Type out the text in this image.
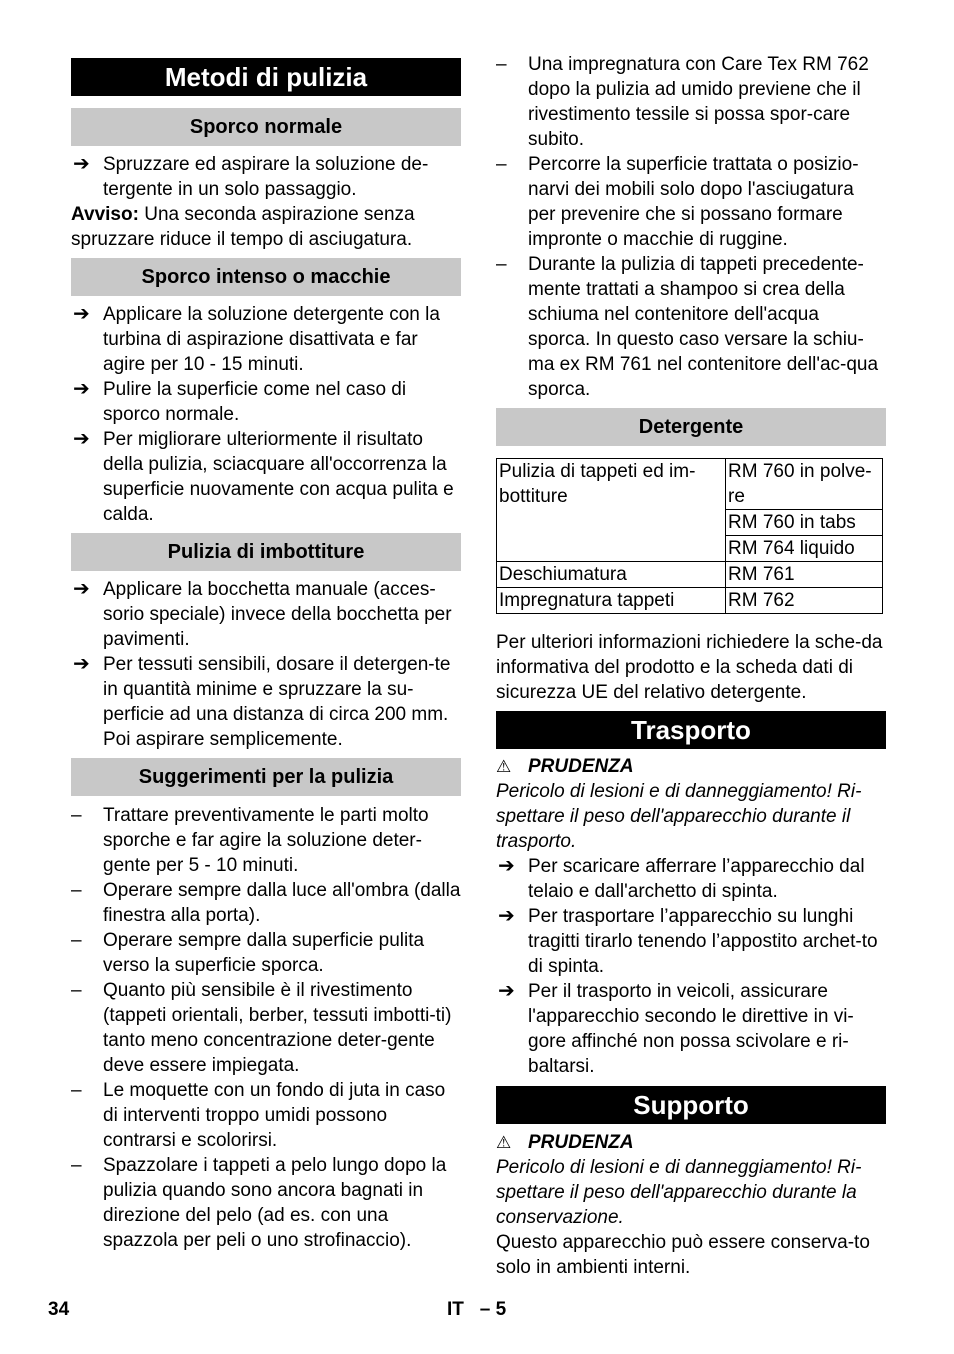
Metodi di pulizia
Sporco normale
➔ Spruzzare ed aspirare la soluzione de-
tergente in un solo passaggio.
Avviso: Una seconda aspirazione senza spruzzare riduce il tempo di asciugatura.
Sporco intenso o macchie
➔ Applicare la soluzione detergente con la turbina di aspirazione disattivata e far agire per 10 - 15 minuti.
➔ Pulire la superficie come nel caso di sporco normale.
➔ Per migliorare ulteriormente il risultato della pulizia, sciacquare all'occorrenza la superficie nuovamente con acqua pulita e calda.
Pulizia di imbottiture
➔ Applicare la bocchetta manuale (acces-sorio speciale) invece della bocchetta per pavimenti.
➔ Per tessuti sensibili, dosare il detergen-te in quantità minime e spruzzare la su-perficie ad una distanza di circa 200 mm. Poi aspirare semplicemente.
Suggerimenti per la pulizia
– Trattare preventivamente le parti molto sporche e far agire la soluzione deter-gente per 5 - 10 minuti.
– Operare sempre dalla luce all'ombra (dalla finestra alla porta).
– Operare sempre dalla superficie pulita verso la superficie sporca.
– Quanto più sensibile è il rivestimento (tappeti orientali, berber, tessuti imbotti-ti) tanto meno concentrazione deter-gente deve essere impiegata.
– Le moquette con un fondo di juta in caso di interventi troppo umidi possono contrarsi e scolorirsi.
– Spazzolare i tappeti a pelo lungo dopo la pulizia quando sono ancora bagnati in direzione del pelo (ad es. con una spazzola per peli o uno strofinaccio).
– Una impregnatura con Care Tex RM 762 dopo la pulizia ad umido previene che il rivestimento tessile si possa spor-care subito.
– Percorre la superficie trattata o posizio-narvi dei mobili solo dopo l'asciugatura per prevenire che si possano formare impronte o macchie di ruggine.
– Durante la pulizia di tappeti precedente-mente trattati a shampoo si crea della schiuma nel contenitore dell'acqua sporca. In questo caso versare la schiu-ma ex RM 761 nel contenitore dell'ac-qua sporca.
Detergente
Pulizia di tappeti ed im-bottiture	RM 760 in polve-re
	RM 760 in tabs
	RM 764 liquido
Deschiumatura	RM 761
Impregnatura tappeti	RM 762
Per ulteriori informazioni richiedere la sche-da informativa del prodotto e la scheda dati di sicurezza UE del relativo detergente.
Trasporto
⚠ PRUDENZA
Pericolo di lesioni e di danneggiamento! Ri-spettare il peso dell'apparecchio durante il trasporto.
➔ Per scaricare afferrare l’apparecchio dal telaio e dall'archetto di spinta.
➔ Per trasportare l’apparecchio su lunghi tragitti tirarlo tenendo l’appostito archet-to di spinta.
➔ Per il trasporto in veicoli, assicurare l'apparecchio secondo le direttive in vi-gore affinché non possa scivolare e ri-baltarsi.
Supporto
⚠ PRUDENZA
Pericolo di lesioni e di danneggiamento! Ri-spettare il peso dell'apparecchio durante la conservazione.
Questo apparecchio può essere conserva-to solo in ambienti interni.
34	IT   – 5
